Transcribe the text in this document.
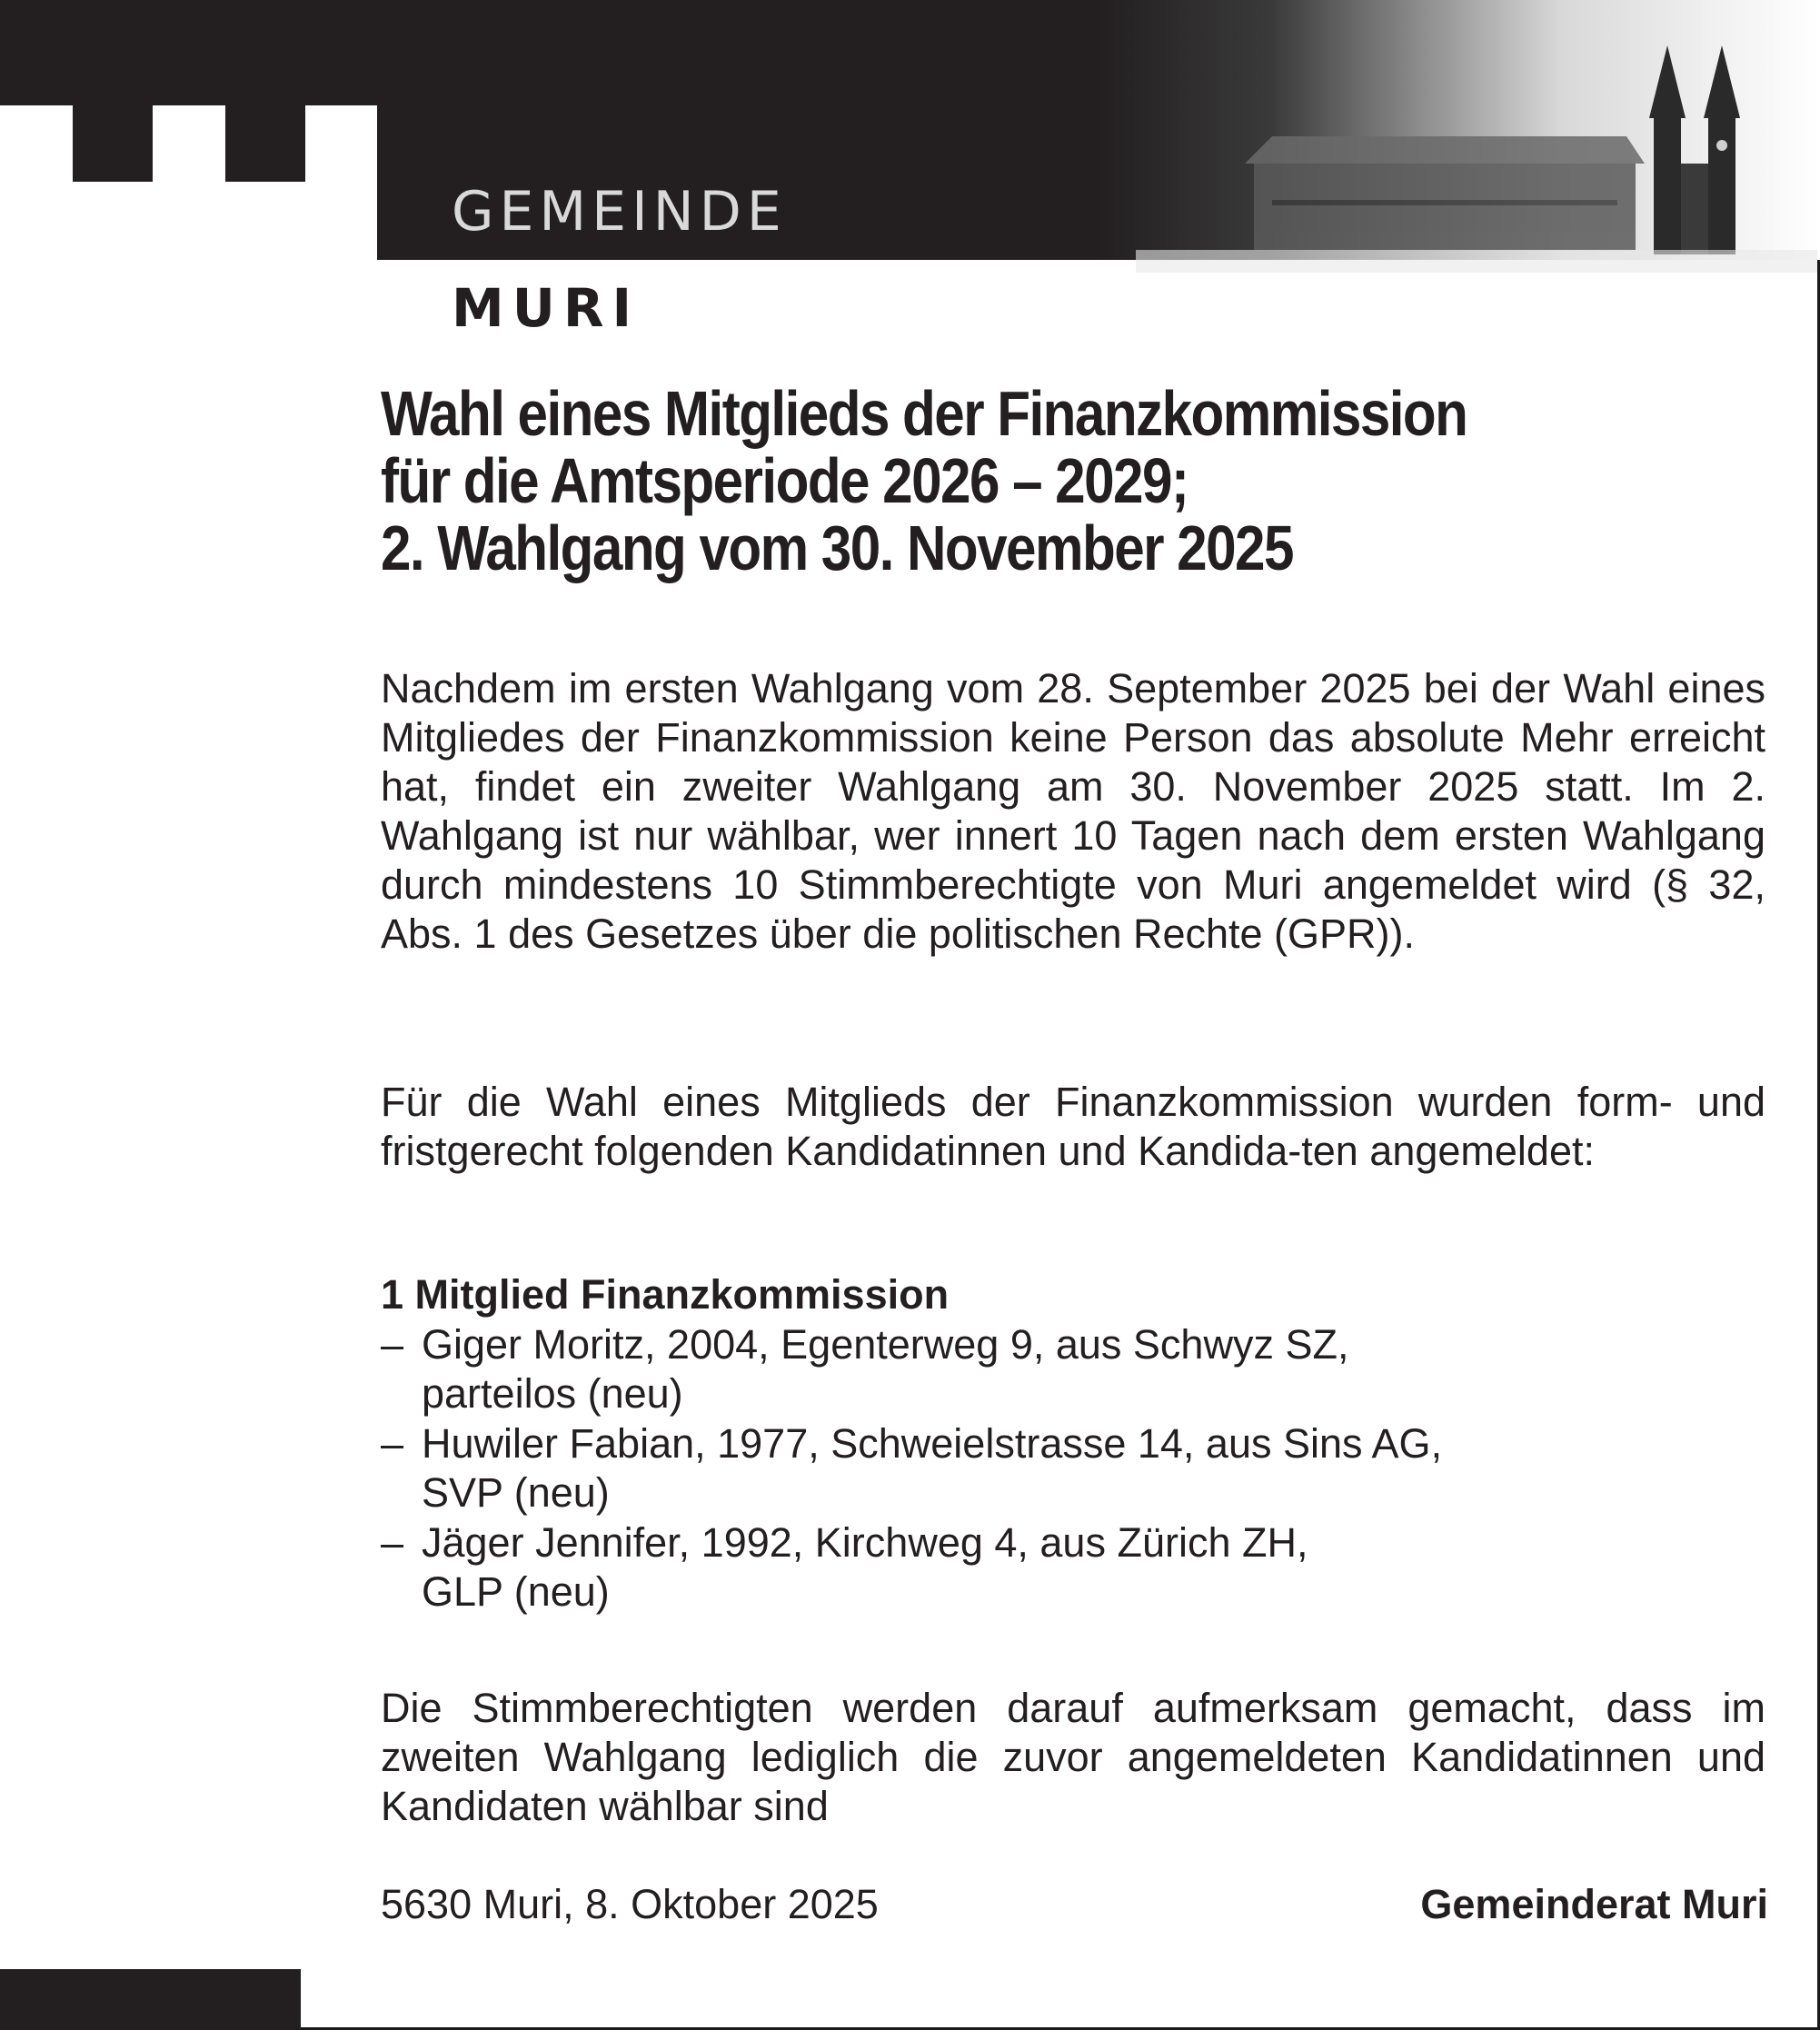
GEMEINDE
MURI
Wahl eines Mitglieds der Finanzkommission
für die Amtsperiode 2026 – 2029;
2. Wahlgang vom 30. November 2025
Nachdem im ersten Wahlgang vom 28. September 2025 bei der Wahl eines Mitgliedes der Finanzkommission keine Person das absolute Mehr erreicht hat, findet ein zweiter Wahlgang am 30. November 2025 statt. Im 2. Wahlgang ist nur wählbar, wer innert 10 Tagen nach dem ersten Wahlgang durch mindestens 10 Stimmberechtigte von Muri angemeldet wird (§ 32, Abs. 1 des Gesetzes über die politischen Rechte (GPR)).
Für die Wahl eines Mitglieds der Finanzkommission wurden form- und fristgerecht folgenden Kandidatinnen und Kandida-ten angemeldet:
1 Mitglied Finanzkommission
– Giger Moritz, 2004, Egenterweg 9, aus Schwyz SZ,
parteilos (neu)
– Huwiler Fabian, 1977, Schweielstrasse 14, aus Sins AG,
SVP (neu)
– Jäger Jennifer, 1992, Kirchweg 4, aus Zürich ZH,
GLP (neu)
Die Stimmberechtigten werden darauf aufmerksam gemacht, dass im zweiten Wahlgang lediglich die zuvor angemeldeten Kandidatinnen und Kandidaten wählbar sind
5630 Muri, 8. Oktober 2025	Gemeinderat Muri
